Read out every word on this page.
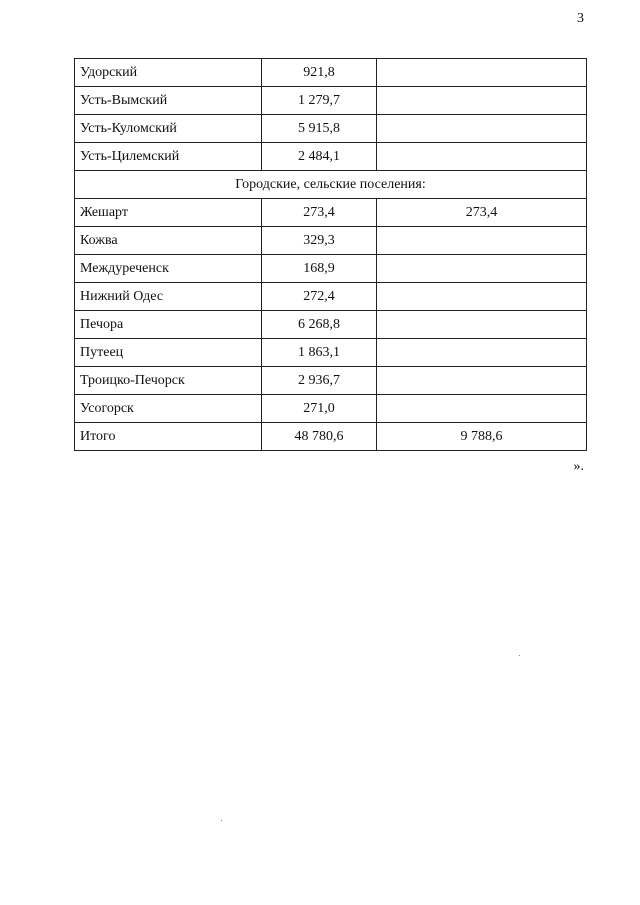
3
Удорский	921,8	
Усть-Вымский	1 279,7	
Усть-Куломский	5 915,8	
Усть-Цилемский	2 484,1	
Городские, сельские поселения:		
Жешарт	273,4	273,4
Кожва	329,3	
Междуреченск	168,9	
Нижний Одес	272,4	
Печора	6 268,8	
Путеец	1 863,1	
Троицко-Печорск	2 936,7	
Усогорск	271,0	
Итого	48 780,6	9 788,6
».
